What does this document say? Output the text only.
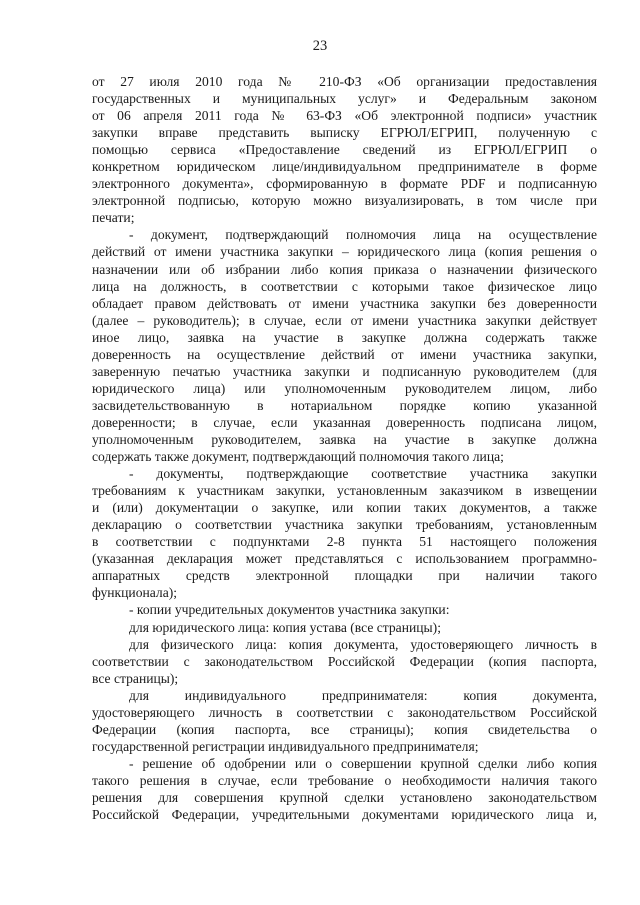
23
от 27 июля 2010 года № 210-ФЗ «Об организации предоставления
государственных и муниципальных услуг» и Федеральным законом
от 06 апреля 2011 года № 63-ФЗ «Об электронной подписи» участник
закупки вправе представить выписку ЕГРЮЛ/ЕГРИП, полученную с
помощью сервиса «Предоставление сведений из ЕГРЮЛ/ЕГРИП о
конкретном юридическом лице/индивидуальном предпринимателе в форме
электронного документа», сформированную в формате PDF и подписанную
электронной подписью, которую можно визуализировать, в том числе при
печати;
- документ, подтверждающий полномочия лица на осуществление
действий от имени участника закупки – юридического лица (копия решения о
назначении или об избрании либо копия приказа о назначении физического
лица на должность, в соответствии с которыми такое физическое лицо
обладает правом действовать от имени участника закупки без доверенности
(далее – руководитель); в случае, если от имени участника закупки действует
иное лицо, заявка на участие в закупке должна содержать также
доверенность на осуществление действий от имени участника закупки,
заверенную печатью участника закупки и подписанную руководителем (для
юридического лица) или уполномоченным руководителем лицом, либо
засвидетельствованную в нотариальном порядке копию указанной
доверенности; в случае, если указанная доверенность подписана лицом,
уполномоченным руководителем, заявка на участие в закупке должна
содержать также документ, подтверждающий полномочия такого лица;
- документы, подтверждающие соответствие участника закупки
требованиям к участникам закупки, установленным заказчиком в извещении
и (или) документации о закупке, или копии таких документов, а также
декларацию о соответствии участника закупки требованиям, установленным
в соответствии с подпунктами 2-8 пункта 51 настоящего положения
(указанная декларация может представляться с использованием программно-
аппаратных средств электронной площадки при наличии такого
функционала);
- копии учредительных документов участника закупки:
для юридического лица: копия устава (все страницы);
для физического лица: копия документа, удостоверяющего личность в
соответствии с законодательством Российской Федерации (копия паспорта,
все страницы);
для индивидуального предпринимателя: копия документа,
удостоверяющего личность в соответствии с законодательством Российской
Федерации (копия паспорта, все страницы); копия свидетельства о
государственной регистрации индивидуального предпринимателя;
- решение об одобрении или о совершении крупной сделки либо копия
такого решения в случае, если требование о необходимости наличия такого
решения для совершения крупной сделки установлено законодательством
Российской Федерации, учредительными документами юридического лица и,
